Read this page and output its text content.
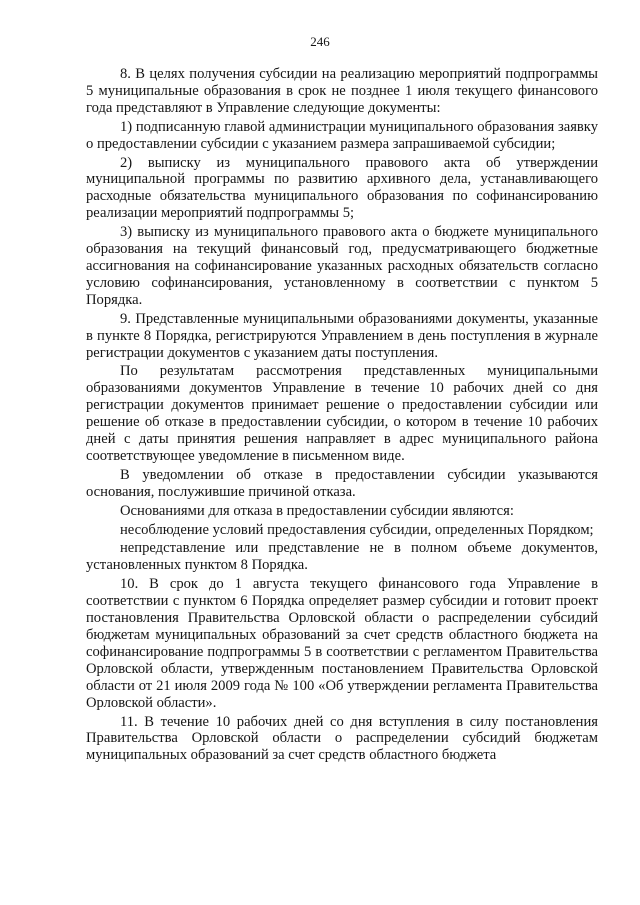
246

8. В целях получения субсидии на реализацию мероприятий подпрограммы 5 муниципальные образования в срок не позднее 1 июля текущего финансового года представляют в Управление следующие документы:

1) подписанную главой администрации муниципального образования заявку о предоставлении субсидии с указанием размера запрашиваемой субсидии;

2) выписку из муниципального правового акта об утверждении муниципальной программы по развитию архивного дела, устанавливающего расходные обязательства муниципального образования по софинансированию реализации мероприятий подпрограммы 5;

3) выписку из муниципального правового акта о бюджете муниципального образования на текущий финансовый год, предусматривающего бюджетные ассигнования на софинансирование указанных расходных обязательств согласно условию софинансирования, установленному в соответствии с пунктом 5 Порядка.

9. Представленные муниципальными образованиями документы, указанные в пункте 8 Порядка, регистрируются Управлением в день поступления в журнале регистрации документов с указанием даты поступления.

По результатам рассмотрения представленных муниципальными образованиями документов Управление в течение 10 рабочих дней со дня регистрации документов принимает решение о предоставлении субсидии или решение об отказе в предоставлении субсидии, о котором в течение 10 рабочих дней с даты принятия решения направляет в адрес муниципального района соответствующее уведомление в письменном виде.

В уведомлении об отказе в предоставлении субсидии указываются основания, послужившие причиной отказа.

Основаниями для отказа в предоставлении субсидии являются:

несоблюдение условий предоставления субсидии, определенных Порядком;

непредставление или представление не в полном объеме документов, установленных пунктом 8 Порядка.

10. В срок до 1 августа текущего финансового года Управление в соответствии с пунктом 6 Порядка определяет размер субсидии и готовит проект постановления Правительства Орловской области о распределении субсидий бюджетам муниципальных образований за счет средств областного бюджета на софинансирование подпрограммы 5 в соответствии с регламентом Правительства Орловской области, утвержденным постановлением Правительства Орловской области от 21 июля 2009 года № 100 «Об утверждении регламента Правительства Орловской области».

11. В течение 10 рабочих дней со дня вступления в силу постановления Правительства Орловской области о распределении субсидий бюджетам муниципальных образований за счет средств областного бюджета
